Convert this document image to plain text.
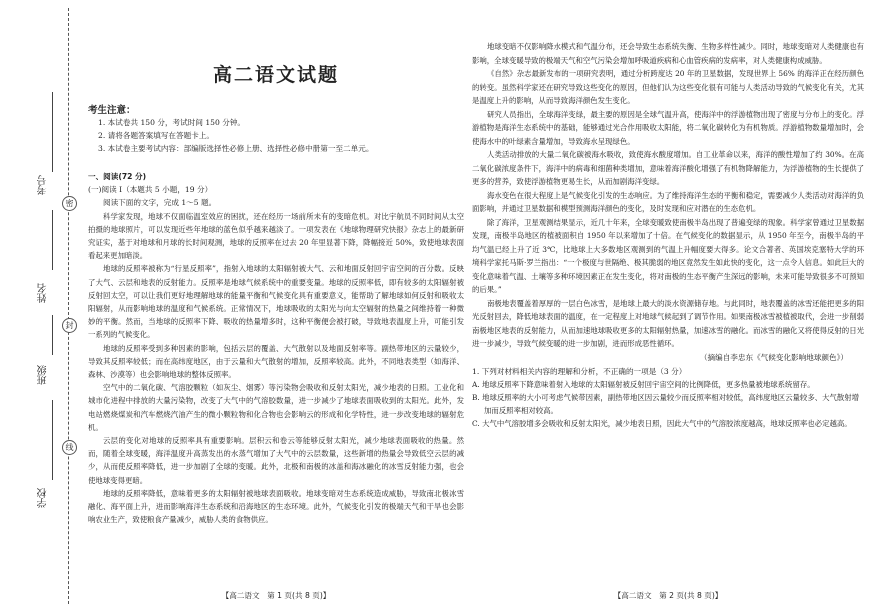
考号
姓名
班级
学校
密
封
线
高二语文试题
考生注意：
1. 本试卷共 150 分，考试时间 150 分钟。
2. 请将各题答案填写在答题卡上。
3. 本试卷主要考试内容：部编版选择性必修上册、选择性必修中册第一至二单元。
一、阅读(72 分)
(一)阅读 I（本题共 5 小题，19 分）
阅读下面的文字，完成 1～5 题。

科学家发现，地球不仅面临温室效应的困扰，还在经历一场前所未有的变暗危机。对比宇航员不同时间从太空拍摄的地球照片，可以发现近些年地球的蓝色似乎越来越淡了。一项发表在《地球物理研究快报》杂志上的最新研究证实，基于对地球和月球的长时间观测，地球的反照率在过去 20 年里显著下降，降幅接近 50%，致使地球表面看起来更加暗淡。

地球的反照率被称为“行星反照率”，指射入地球的太阳辐射被大气、云和地面反射回宇宙空间的百分数。反映了大气、云层和地表的反射能力。反照率是地球气候系统中的重要变量。地球的反照率低，即有较多的太阳辐射被反射回太空，可以让我们更好地理解地球的能量平衡和气候变化具有重要意义，能帮助了解地球如何反射和吸收太阳辐射，从而影响地球的温度和气候系统。正常情况下，地球吸收的太阳光与向太空辐射的热量之间维持着一种微妙的平衡。然而，当地球的反照率下降、吸收的热量增多时，这种平衡便会被打破，导致地表温度上升，可能引发一系列的气候变化。

地球的反照率受到多种因素的影响，包括云层的覆盖、大气散射以及地面反射率等。副热带地区的云量较少，导致其反照率较低；而在高纬度地区，由于云量和大气散射的增加，反照率较高。此外，不同地表类型（如海洋、森林、沙漠等）也会影响地球的整体反照率。

空气中的二氧化碳、气溶胶颗粒（如灰尘、烟雾）等污染物会吸收和反射太阳光，减少地表的日照。工业化和城市化进程中排放的大量污染物，改变了大气中的气溶胶数量，进一步减少了地球表面吸收到的太阳光。此外，发电站燃烧煤炭和汽车燃烧汽油产生的微小颗粒物和化合物也会影响云的形成和化学特性，进一步改变地球的辐射危机。

云层的变化对地球的反照率具有重要影响。层积云和卷云等能够反射太阳光，减少地球表面吸收的热量。然而，随着全球变暖，海洋温度升高蒸发出的水蒸气增加了大气中的云层数量，这些新增的热量会导致低空云层的减少，从而使反照率降低，进一步加剧了全球的变暖。此外，北极和南极的冰盖和海冰融化的冰雪反射能力强，也会使地球变得更暗。

地球的反照率降低，意味着更多的太阳辐射被地球表面吸收。地球变暗对生态系统造成威胁，导致南北极冰雪融化、海平面上升，进而影响海洋生态系统和沿海地区的生态环境。此外，气候变化引发的极端天气和干旱也会影响农业生产，致使粮食产量减少，威胁人类的食物供应。

【高二语文　第 1 页(共 8 页)】

地球变暗不仅影响降水模式和气温分布，还会导致生态系统失衡、生物多样性减少。同时，地球变暗对人类健康也有影响，全球变暖导致的极端天气和空气污染会增加呼吸道疾病和心血管疾病的发病率，对人类健康构成威胁。

《自然》杂志最新发布的一项研究表明，通过分析跨度达 20 年的卫星数据，发现世界上 56% 的海洋正在经历颜色的转变。虽然科学家还在研究导致这些变化的原因，但他们认为这些变化很有可能与人类活动导致的气候变化有关，尤其是温度上升的影响，从而导致海洋颜色发生变化。

研究人员指出，全球海洋变绿，最主要的原因是全球气温升高，使海洋中的浮游植物出现了密度与分布上的变化。浮游植物是海洋生态系统中的基础，能够通过光合作用吸收太阳能，将二氧化碳转化为有机物质。浮游植物数量增加时，会使海水中的叶绿素含量增加，导致海水呈现绿色。

人类活动排放的大量二氧化碳被海水吸收，致使海水酸度增加。自工业革命以来，海洋的酸性增加了约 30%。在高二氧化碳浓度条件下，海洋中的病毒和细菌种类增加，意味着海洋酸化增强了有机物降解能力，为浮游植物的生长提供了更多的营养，致使浮游植物更易生长，从而加剧海洋变绿。

海水变色在很大程度上是气候变化引发的生态响应。为了维持海洋生态的平衡和稳定，需要减少人类活动对海洋的负面影响，并通过卫星数据和模型预测海洋颜色的变化，及时发现和应对潜在的生态危机。

除了海洋，卫星观测结果显示，近几十年来，全球变暖致使南极半岛出现了普遍变绿的现象。科学家曾通过卫星数据发现，南极半岛地区的植被面积自 1950 年以来增加了十倍。在气候变化的数据显示，从 1950 年至今，南极半岛的平均气温已经上升了近 3℃，比地球上大多数地区观测到的气温上升幅度要大得多。论文合著者、英国埃克塞特大学的环境科学家托马斯·罗兰指出：“一个极度与世隔绝、极其脆弱的地区竟然发生如此快的变化，这一点令人信息。如此巨大的变化意味着气温、土壤等多种环境因素正在发生变化，将对南极的生态平衡产生深远的影响，未来可能导致很多不可预知的后果。”

南极地表覆盖着厚厚的一层白色冰雪，是地球上最大的淡水资源储存地。与此同时，地表覆盖的冰雪还能把更多的阳光反射回去，降低地球表面的温度，在一定程度上对地球气候起到了调节作用。如果南极冰雪被植被取代，会进一步削弱南极地区地表的反射能力，从而加速地球吸收更多的太阳辐射热量，加速冰雪的融化。而冰雪的融化又将使得反射的日光进一步减少，导致气候变暖的进一步加剧，进而形成恶性循环。

（摘编自李忠东《气候变化影响地球颜色》）

1. 下列对材料相关内容的理解和分析，不正确的一项是（3 分）

A. 地球反照率下降意味着射入地球的太阳辐射被反射回宇宙空间的比例降低，更多热量被地球系统留存。

B. 地球反照率的大小可考虑气候带因素，副热带地区因云量较少而反照率相对较低，高纬度地区云量较多、大气散射增加而反照率相对较高。

C. 大气中气溶胶增多会吸收和反射太阳光，减少地表日照，因此大气中的气溶胶浓度越高，地球反照率也必定越高。

【高二语文　第 2 页(共 8 页)】
